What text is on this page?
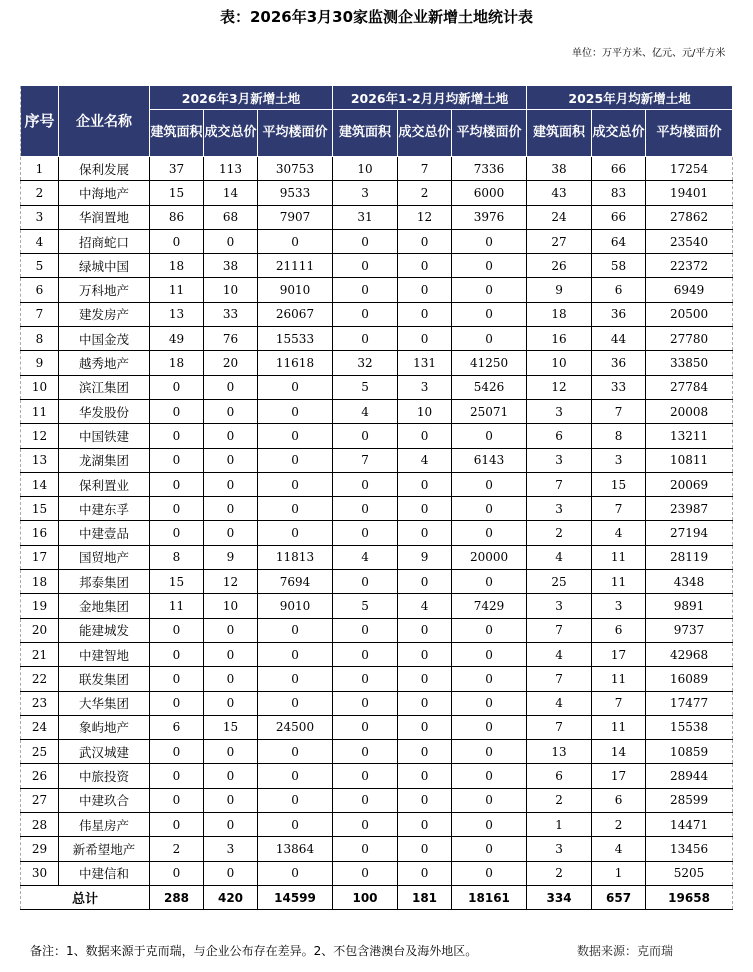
表：2026年3月30家监测企业新增土地统计表
单位：万平方米、亿元、元/平方米
序号	企业名称	2026年3月新增土地			2026年1-2月月均新增土地			2025年月均新增土地		
		建筑面积	成交总价	平均楼面价	建筑面积	成交总价	平均楼面价	建筑面积	成交总价	平均楼面价
1	保利发展	37	113	30753	10	7	7336	38	66	17254
2	中海地产	15	14	9533	3	2	6000	43	83	19401
3	华润置地	86	68	7907	31	12	3976	24	66	27862
4	招商蛇口	0	0	0	0	0	0	27	64	23540
5	绿城中国	18	38	21111	0	0	0	26	58	22372
6	万科地产	11	10	9010	0	0	0	9	6	6949
7	建发房产	13	33	26067	0	0	0	18	36	20500
8	中国金茂	49	76	15533	0	0	0	16	44	27780
9	越秀地产	18	20	11618	32	131	41250	10	36	33850
10	滨江集团	0	0	0	5	3	5426	12	33	27784
11	华发股份	0	0	0	4	10	25071	3	7	20008
12	中国铁建	0	0	0	0	0	0	6	8	13211
13	龙湖集团	0	0	0	7	4	6143	3	3	10811
14	保利置业	0	0	0	0	0	0	7	15	20069
15	中建东孚	0	0	0	0	0	0	3	7	23987
16	中建壹品	0	0	0	0	0	0	2	4	27194
17	国贸地产	8	9	11813	4	9	20000	4	11	28119
18	邦泰集团	15	12	7694	0	0	0	25	11	4348
19	金地集团	11	10	9010	5	4	7429	3	3	9891
20	能建城发	0	0	0	0	0	0	7	6	9737
21	中建智地	0	0	0	0	0	0	4	17	42968
22	联发集团	0	0	0	0	0	0	7	11	16089
23	大华集团	0	0	0	0	0	0	4	7	17477
24	象屿地产	6	15	24500	0	0	0	7	11	15538
25	武汉城建	0	0	0	0	0	0	13	14	10859
26	中旅投资	0	0	0	0	0	0	6	17	28944
27	中建玖合	0	0	0	0	0	0	2	6	28599
28	伟星房产	0	0	0	0	0	0	1	2	14471
29	新希望地产	2	3	13864	0	0	0	3	4	13456
30	中建信和	0	0	0	0	0	0	2	1	5205
总计		288	420	14599	100	181	18161	334	657	19658
备注：1、数据来源于克而瑞，与企业公布存在差异。2、不包含港澳台及海外地区。	数据来源：克而瑞
